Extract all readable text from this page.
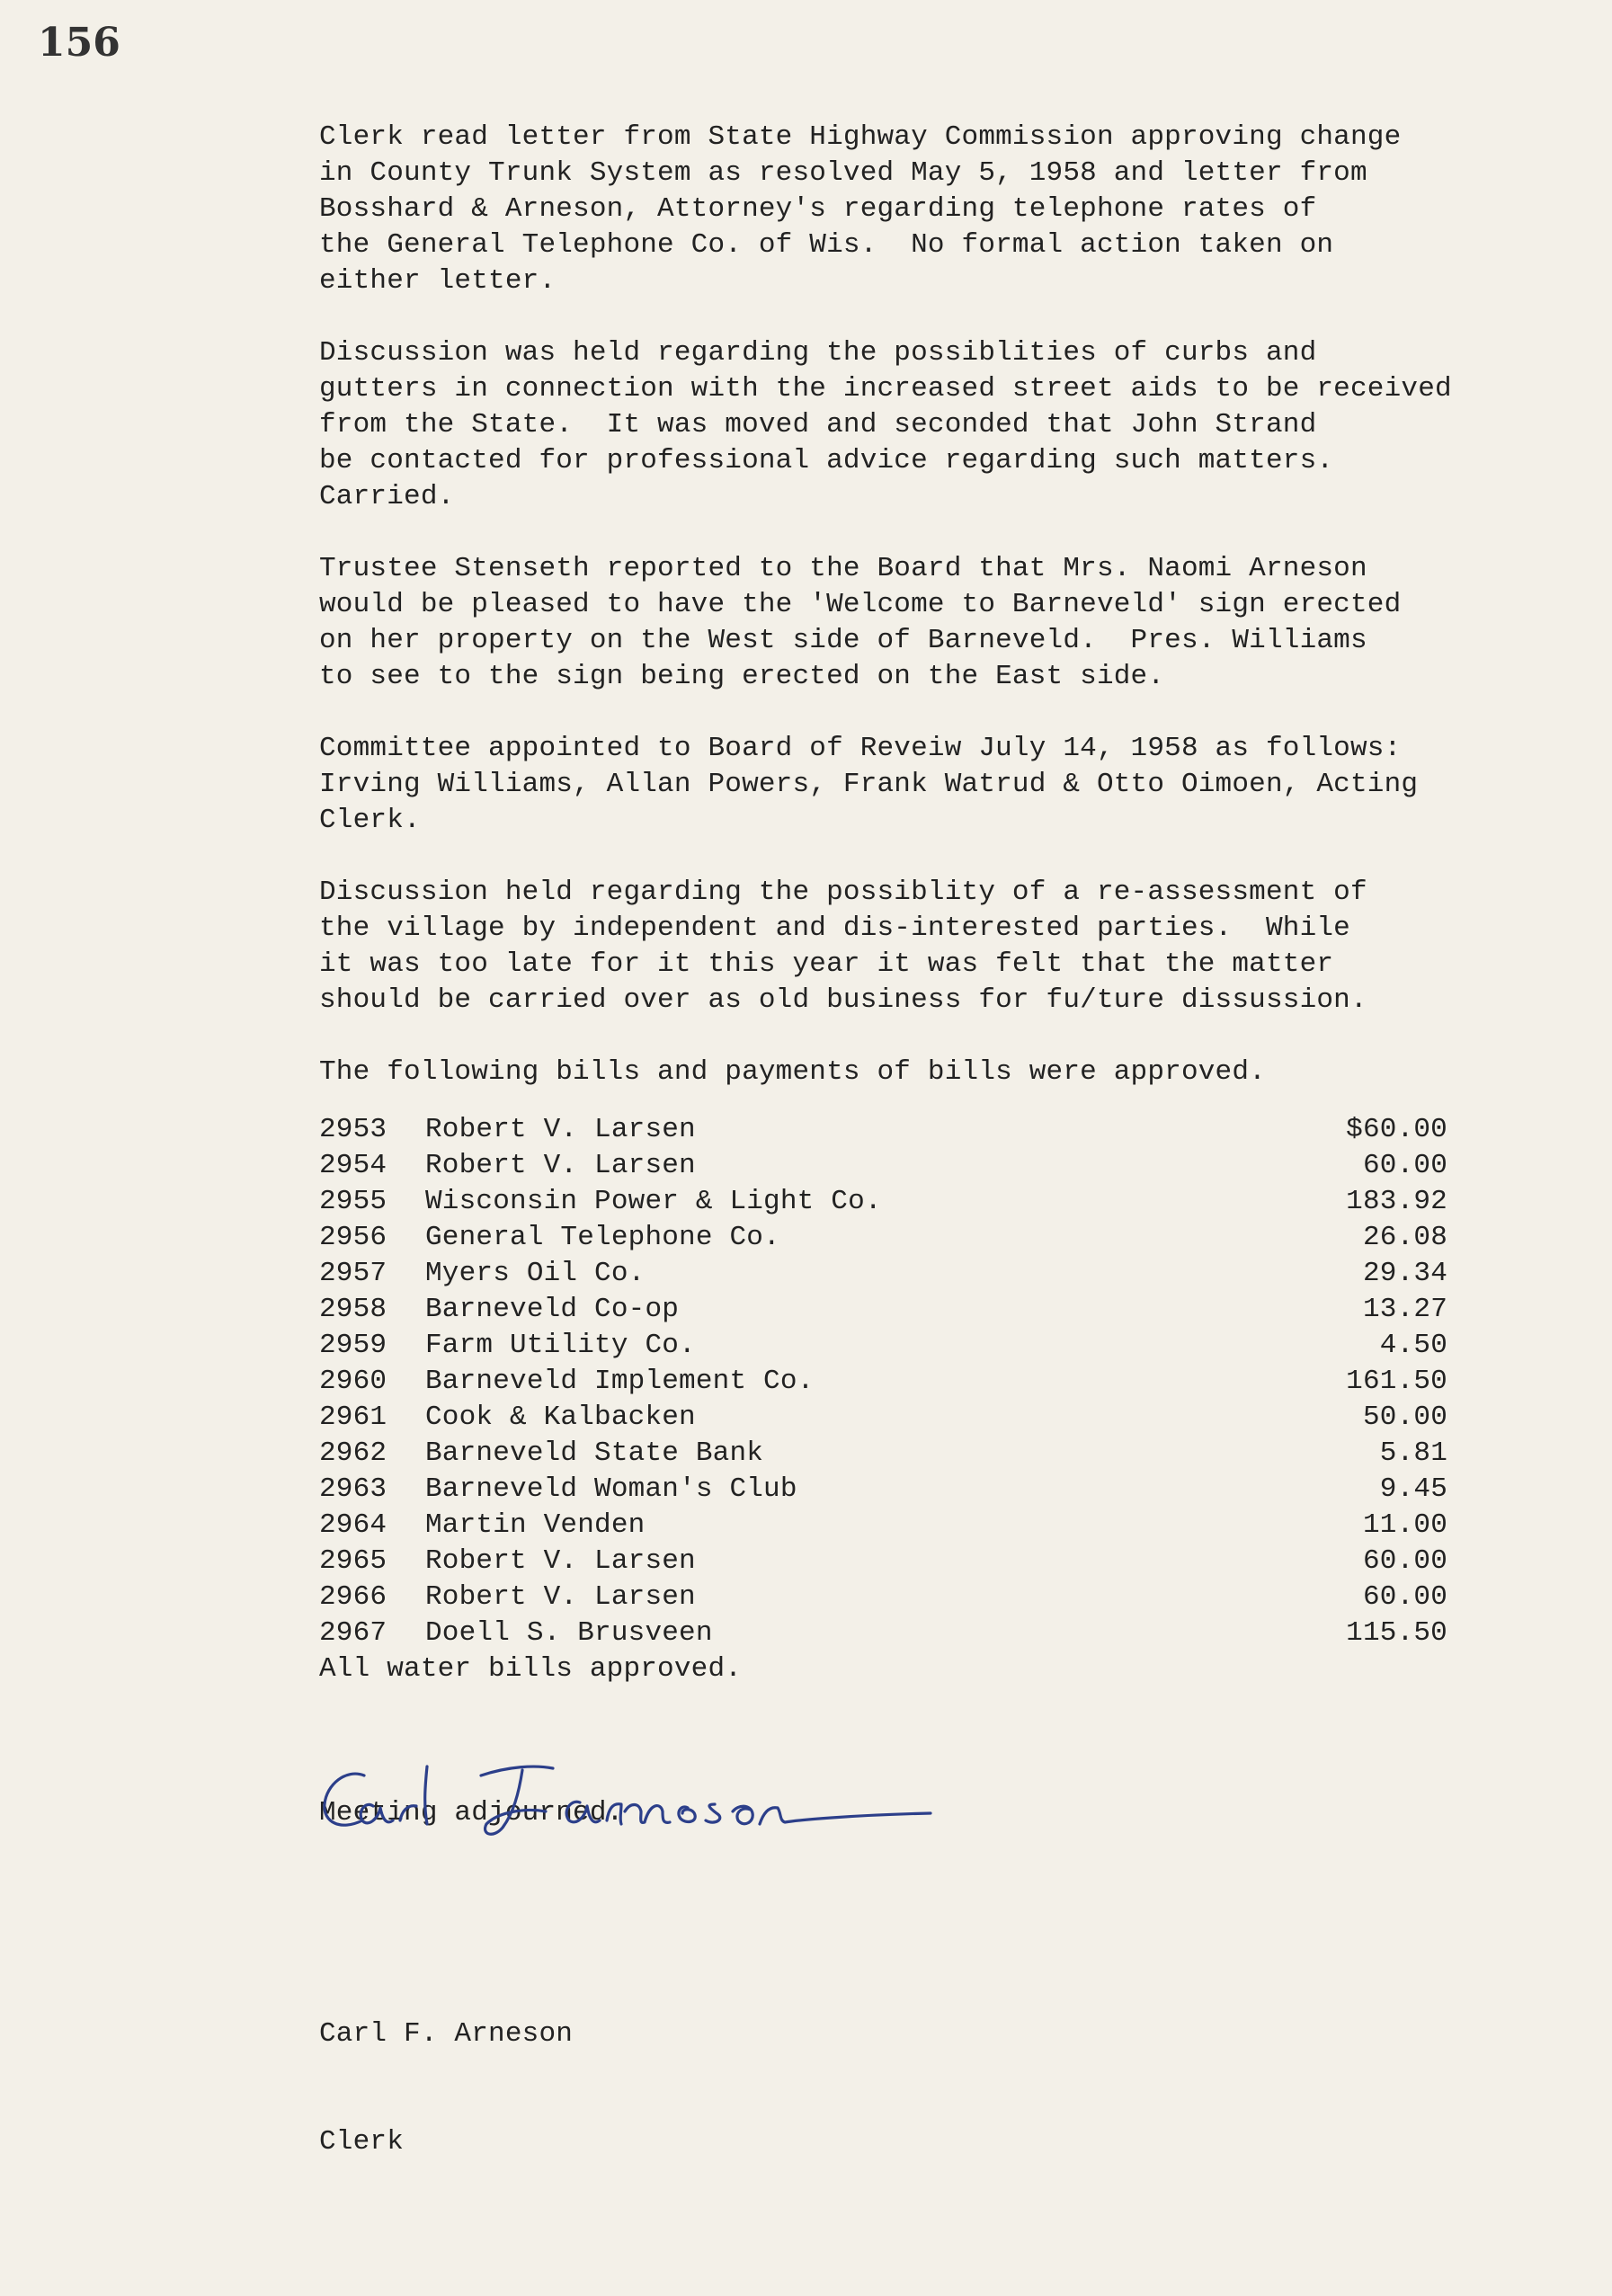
156
Clerk read letter from State Highway Commission approving change
in County Trunk System as resolved May 5, 1958 and letter from
Bosshard & Arneson, Attorney's regarding telephone rates of
the General Telephone Co. of Wis.  No formal action taken on
either letter.
Discussion was held regarding the possiblities of curbs and
gutters in connection with the increased street aids to be received
from the State.  It was moved and seconded that John Strand
be contacted for professional advice regarding such matters.
Carried.
Trustee Stenseth reported to the Board that Mrs. Naomi Arneson
would be pleased to have the 'Welcome to Barneveld' sign erected
on her property on the West side of Barneveld.  Pres. Williams
to see to the sign being erected on the East side.
Committee appointed to Board of Reveiw July 14, 1958 as follows:
Irving Williams, Allan Powers, Frank Watrud & Otto Oimoen, Acting
Clerk.
Discussion held regarding the possiblity of a re-assessment of
the village by independent and dis-interested parties.  While
it was too late for it this year it was felt that the matter
should be carried over as old business for fu/ture dissussion.
The following bills and payments of bills were approved.
2953 Robert V. Larsen	$60.00
2954 Robert V. Larsen	60.00
2955 Wisconsin Power & Light Co.	183.92
2956 General Telephone Co.	26.08
2957 Myers Oil Co.	29.34
2958 Barneveld Co-op	13.27
2959 Farm Utility Co.	4.50
2960 Barneveld Implement Co.	161.50
2961 Cook & Kalbacken	50.00
2962 Barneveld State Bank	5.81
2963 Barneveld Woman's Club	9.45
2964 Martin Venden	11.00
2965 Robert V. Larsen	60.00
2966 Robert V. Larsen	60.00
2967 Doell S. Brusveen	115.50
All water bills approved.

Meeting adjourned.

Carl F. Arneson

Clerk
